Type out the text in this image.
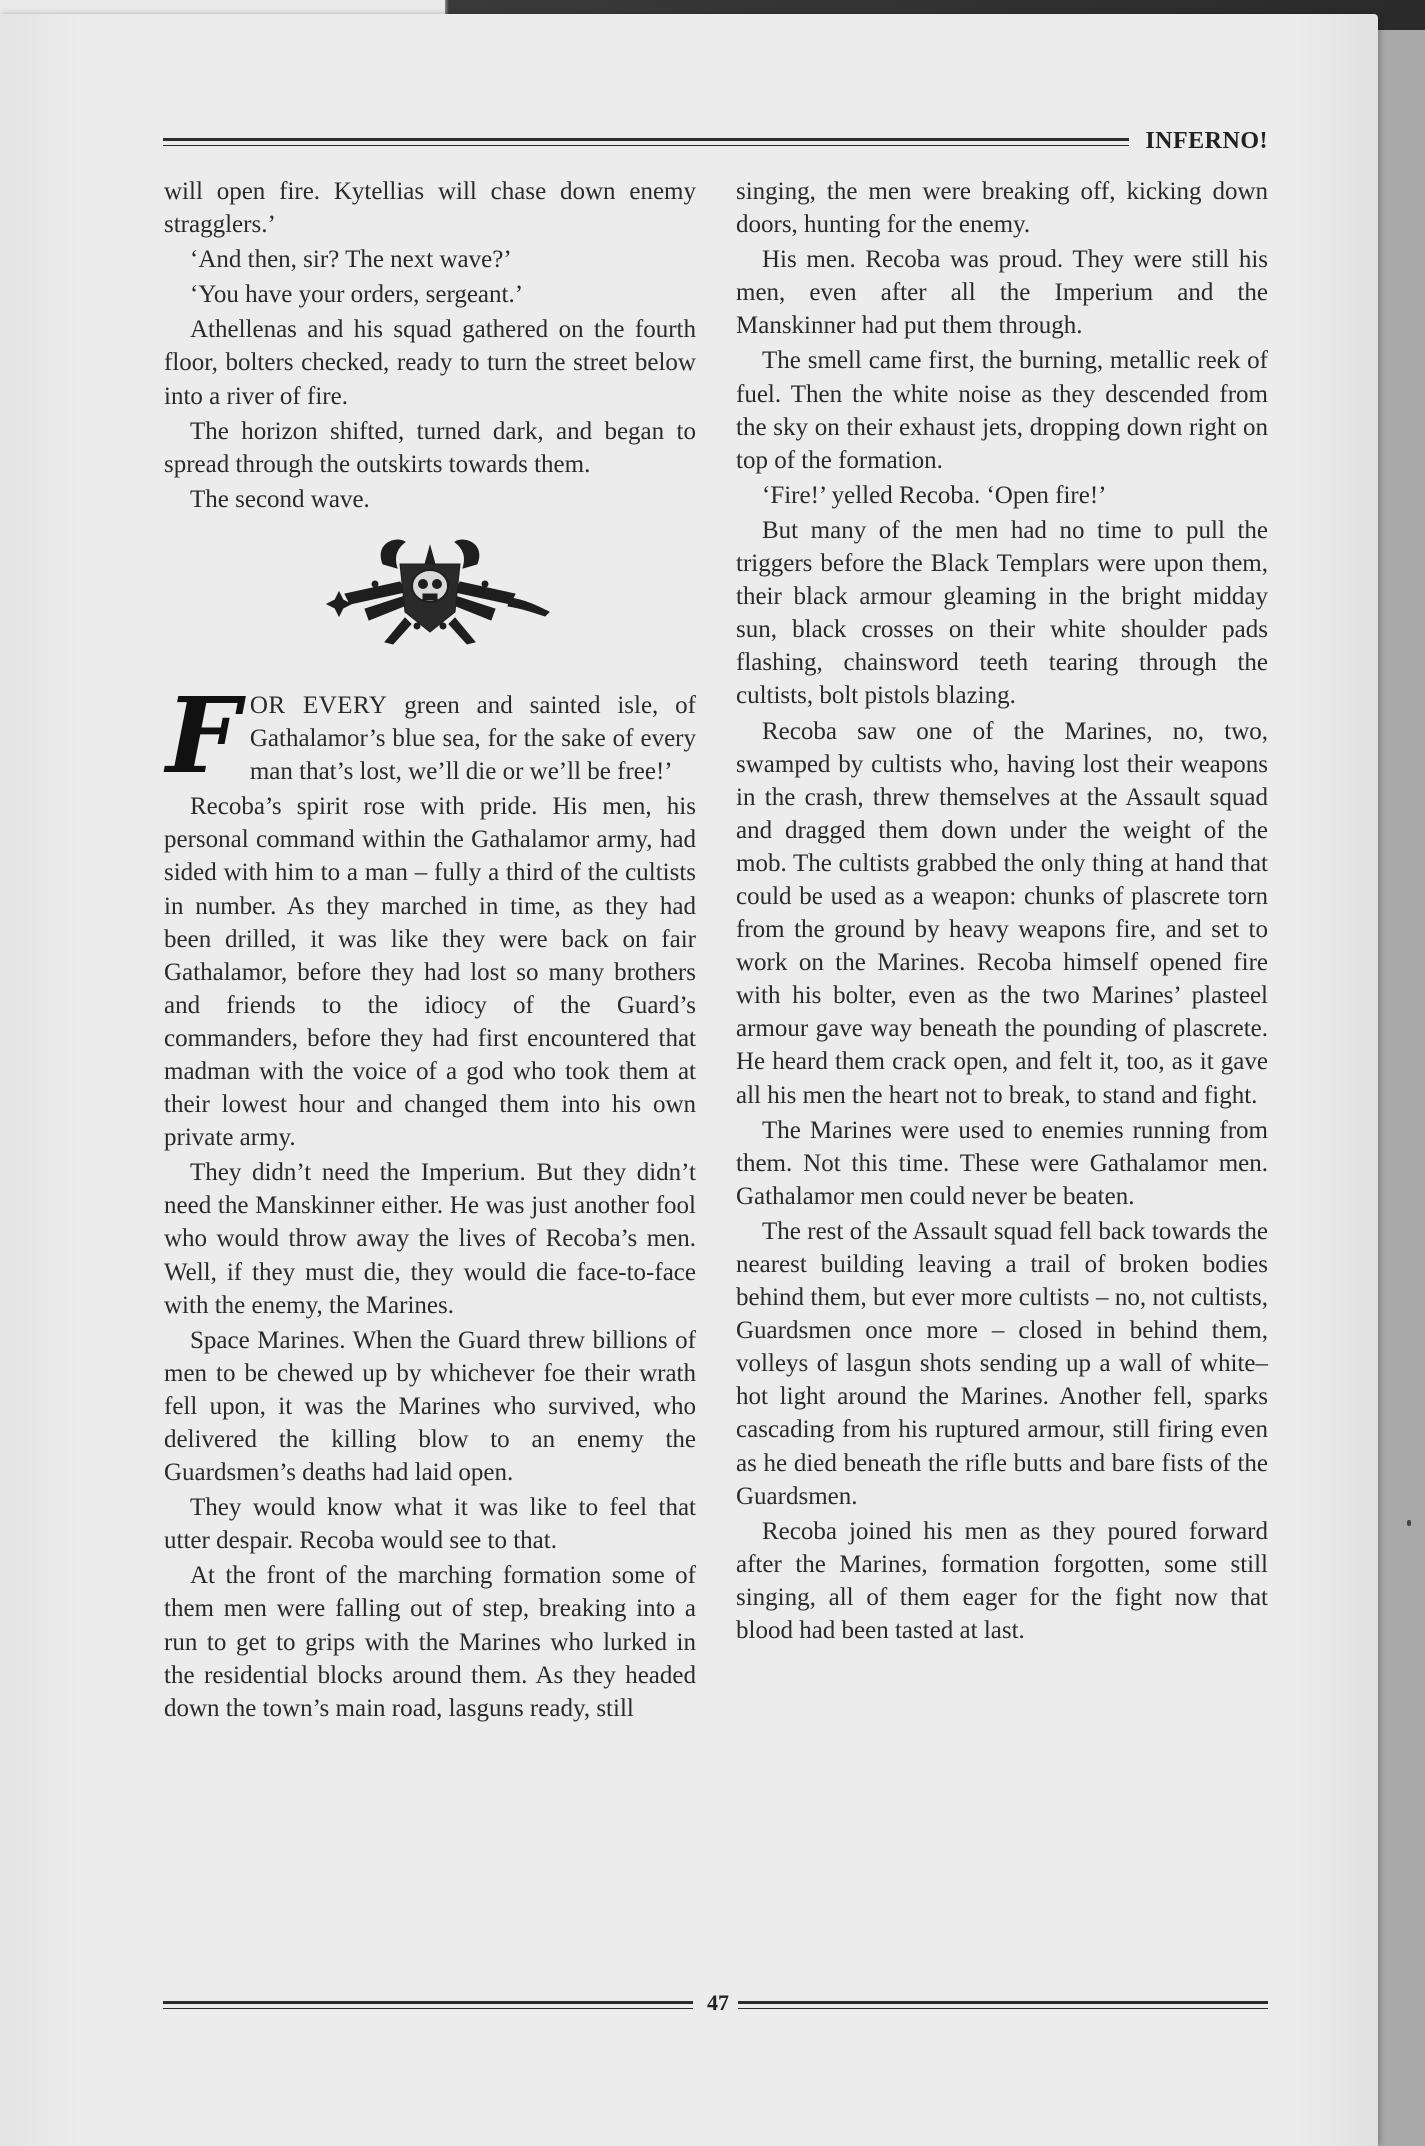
INFERNO!

will open fire. Kytellias will chase down enemy stragglers.’

‘And then, sir? The next wave?’

‘You have your orders, sergeant.’

Athellenas and his squad gathered on the fourth floor, bolters checked, ready to turn the street below into a river of fire.

The horizon shifted, turned dark, and began to spread through the outskirts towards them.

The second wave.

FOR EVERY green and sainted isle, of Gathalamor’s blue sea, for the sake of every man that’s lost, we’ll die or we’ll be free!’

Recoba’s spirit rose with pride. His men, his personal command within the Gathalamor army, had sided with him to a man – fully a third of the cultists in number. As they marched in time, as they had been drilled, it was like they were back on fair Gathalamor, before they had lost so many brothers and friends to the idiocy of the Guard’s commanders, before they had first encountered that madman with the voice of a god who took them at their lowest hour and changed them into his own private army.

They didn’t need the Imperium. But they didn’t need the Manskinner either. He was just another fool who would throw away the lives of Recoba’s men. Well, if they must die, they would die face-to-face with the enemy, the Marines.

Space Marines. When the Guard threw billions of men to be chewed up by whichever foe their wrath fell upon, it was the Marines who survived, who delivered the killing blow to an enemy the Guardsmen’s deaths had laid open.

They would know what it was like to feel that utter despair. Recoba would see to that.

At the front of the marching formation some of them men were falling out of step, breaking into a run to get to grips with the Marines who lurked in the residential blocks around them. As they headed down the town’s main road, lasguns ready, still

singing, the men were breaking off, kicking down doors, hunting for the enemy.

His men. Recoba was proud. They were still his men, even after all the Imperium and the Manskinner had put them through.

The smell came first, the burning, metallic reek of fuel. Then the white noise as they descended from the sky on their exhaust jets, dropping down right on top of the formation.

‘Fire!’ yelled Recoba. ‘Open fire!’

But many of the men had no time to pull the triggers before the Black Templars were upon them, their black armour gleaming in the bright midday sun, black crosses on their white shoulder pads flashing, chainsword teeth tearing through the cultists, bolt pistols blazing.

Recoba saw one of the Marines, no, two, swamped by cultists who, having lost their weapons in the crash, threw themselves at the Assault squad and dragged them down under the weight of the mob. The cultists grabbed the only thing at hand that could be used as a weapon: chunks of plascrete torn from the ground by heavy weapons fire, and set to work on the Marines. Recoba himself opened fire with his bolter, even as the two Marines’ plasteel armour gave way beneath the pounding of plascrete. He heard them crack open, and felt it, too, as it gave all his men the heart not to break, to stand and fight.

The Marines were used to enemies running from them. Not this time. These were Gathalamor men. Gathalamor men could never be beaten.

The rest of the Assault squad fell back towards the nearest building leaving a trail of broken bodies behind them, but ever more cultists – no, not cultists, Guardsmen once more – closed in behind them, volleys of lasgun shots sending up a wall of white–hot light around the Marines. Another fell, sparks cascading from his ruptured armour, still firing even as he died beneath the rifle butts and bare fists of the Guardsmen.

Recoba joined his men as they poured forward after the Marines, formation forgotten, some still singing, all of them eager for the fight now that blood had been tasted at last.

47
